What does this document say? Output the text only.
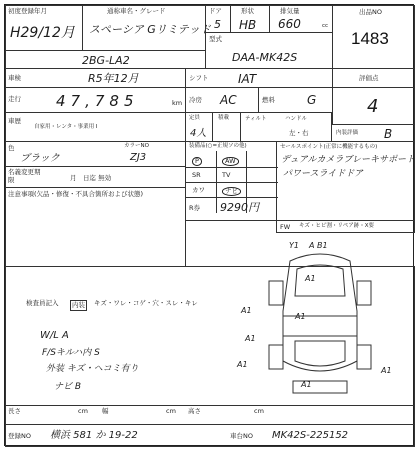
初度登録年月
H29/12月
通称車名・グレード
スペーシア Gリミテッド
ドア
5
形状
HB
排気量
660	cc
出品NO
1483
型式
DAA-MK42S
2BG-LA2
車検	R5年12月	シフト IAT	評価点
走行 47,785	km 冷房 AC	燃料	G	4
車歴
自家用・レンタ・事業用 I
定員
4人
積載	ティルト	ハンドル
左・右	内装評価 B
色
ブラック
カラーNO
ZJ3
名義変更期限	月　日迄 無効
注意事項(欠品・修復・不具合箇所および状態)
装備品(○=正規ソの他)
P	AW
SR	TV
カワ	ナビ
R券 9290円
セールスポイント(正常に機能するもの)
デュアルカメラブレーキサポート
パワースライドドア
FW キズ・ヒビ割・リペア跡・X要
検査員記入	内装	キズ・ワレ・コゲ・穴・スレ・キレ
W/L A
F/Sキルハ内 S
外装 キズ・ヘコミ有り
ナビ B
Y1 A B1
A1
A1
A1
A1
A1
A1
A1
長さ	cm 幅	cm 高さ	cm
登録NO 横浜 581 か 19-22	車台NO MK42S-225152
